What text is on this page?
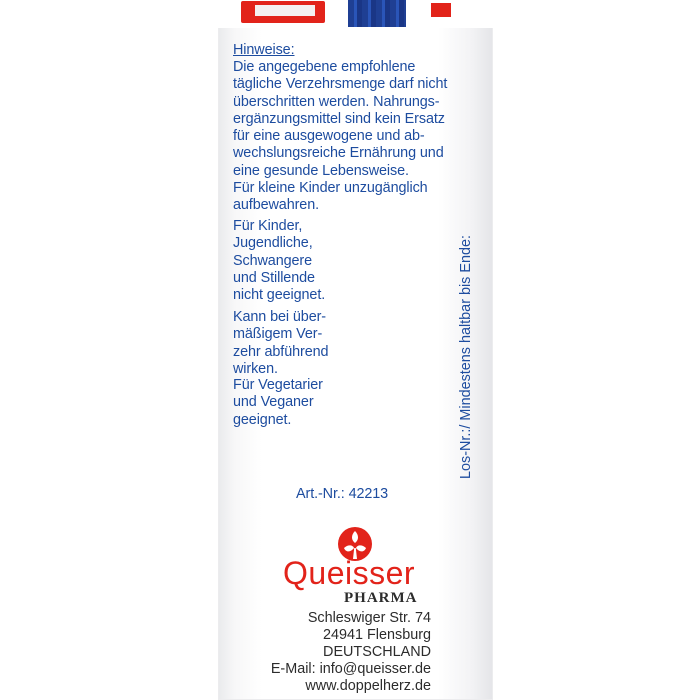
Hinweise:

Die angegebene empfohlene
tägliche Verzehrsmenge darf nicht
überschritten werden. Nahrungs-
ergänzungsmittel sind kein Ersatz
für eine ausgewogene und ab-
wechslungsreiche Ernährung und
eine gesunde Lebensweise.

Für kleine Kinder unzugänglich
aufbewahren.

Für Kinder,
Jugendliche,
Schwangere
und Stillende
nicht geeignet.

Kann bei über-
mäßigem Ver-
zehr abführend
wirken.

Für Vegetarier
und Veganer
geeignet.	Los-Nr.:/ Mindestens haltbar bis Ende:
Art.-Nr.: 42213
Queisser
PHARMA
Schleswiger Str. 74
24941 Flensburg
DEUTSCHLAND
E-Mail: info@queisser.de
www.doppelherz.de
